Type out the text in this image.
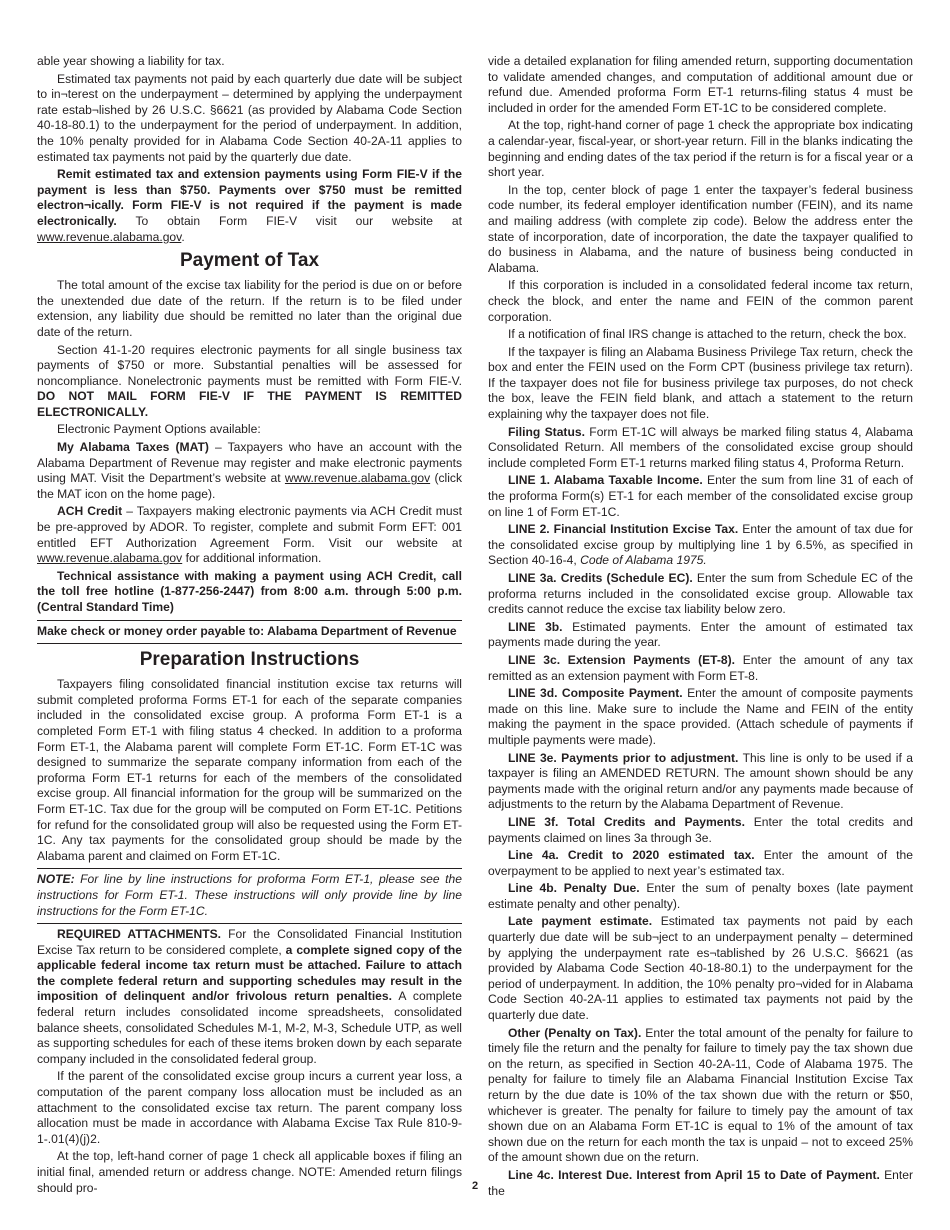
able year showing a liability for tax.

Estimated tax payments not paid by each quarterly due date will be subject to in¬terest on the underpayment – determined by applying the underpayment rate estab¬lished by 26 U.S.C. §6621 (as provided by Alabama Code Section 40-18-80.1) to the underpayment for the period of underpayment. In addition, the 10% penalty provided for in Alabama Code Section 40-2A-11 applies to estimated tax payments not paid by the quarterly due date.

Remit estimated tax and extension payments using Form FIE-V if the payment is less than $750. Payments over $750 must be remitted electron¬ically. Form FIE-V is not required if the payment is made electronically. To obtain Form FIE-V visit our website at www.revenue.alabama.gov.

Payment of Tax

The total amount of the excise tax liability for the period is due on or before the unextended due date of the return. If the return is to be filed under extension, any liability due should be remitted no later than the original due date of the return.

Section 41-1-20 requires electronic payments for all single business tax payments of $750 or more. Substantial penalties will be assessed for noncompliance. Nonelectronic payments must be remitted with Form FIE-V. DO NOT MAIL FORM FIE-V IF THE PAYMENT IS REMITTED ELECTRONICALLY.

Electronic Payment Options available:

My Alabama Taxes (MAT) – Taxpayers who have an account with the Alabama Department of Revenue may register and make electronic payments using MAT. Visit the Department’s website at www.revenue.alabama.gov (click the MAT icon on the home page).

ACH Credit – Taxpayers making electronic payments via ACH Credit must be pre-approved by ADOR. To register, complete and submit Form EFT: 001 entitled EFT Authorization Agreement Form. Visit our website at www.revenue.alabama.gov for additional information.

Technical assistance with making a payment using ACH Credit, call the toll free hotline (1-877-256-2447) from 8:00 a.m. through 5:00 p.m. (Central Standard Time)

Make check or money order payable to: Alabama Department of Revenue

Preparation Instructions

Taxpayers filing consolidated financial institution excise tax returns will submit completed proforma Forms ET-1 for each of the separate companies included in the consolidated excise group. A proforma Form ET-1 is a completed Form ET-1 with filing status 4 checked. In addition to a proforma Form ET-1, the Alabama parent will complete Form ET-1C. Form ET-1C was designed to summarize the separate company information from each of the proforma Form ET-1 returns for each of the members of the consolidated excise group. All financial information for the group will be summarized on the Form ET-1C. Tax due for the group will be computed on Form ET-1C. Petitions for refund for the consolidated group will also be requested using the Form ET-1C. Any tax payments for the consolidated group should be made by the Alabama parent and claimed on Form ET-1C.

NOTE: For line by line instructions for proforma Form ET-1, please see the instructions for Form ET-1. These instructions will only provide line by line instructions for the Form ET-1C.

REQUIRED ATTACHMENTS. For the Consolidated Financial Institution Excise Tax return to be considered complete, a complete signed copy of the applicable federal income tax return must be attached. Failure to attach the complete federal return and supporting schedules may result in the imposition of delinquent and/or frivolous return penalties. A complete federal return includes consolidated income spreadsheets, consolidated balance sheets, consolidated Schedules M-1, M-2, M-3, Schedule UTP, as well as supporting schedules for each of these items broken down by each separate company included in the consolidated federal group.

If the parent of the consolidated excise group incurs a current year loss, a computation of the parent company loss allocation must be included as an attachment to the consolidated excise tax return. The parent company loss allocation must be made in accordance with Alabama Excise Tax Rule 810-9-1-.01(4)(j)2.

At the top, left-hand corner of page 1 check all applicable boxes if filing an initial final, amended return or address change. NOTE: Amended return filings should pro-

vide a detailed explanation for filing amended return, supporting documentation to validate amended changes, and computation of additional amount due or refund due. Amended proforma Form ET-1 returns-filing status 4 must be included in order for the amended Form ET-1C to be considered complete.

At the top, right-hand corner of page 1 check the appropriate box indicating a calendar-year, fiscal-year, or short-year return. Fill in the blanks indicating the beginning and ending dates of the tax period if the return is for a fiscal year or a short year.

In the top, center block of page 1 enter the taxpayer’s federal business code number, its federal employer identification number (FEIN), and its name and mailing address (with complete zip code). Below the address enter the state of incorporation, date of incorporation, the date the taxpayer qualified to do business in Alabama, and the nature of business being conducted in Alabama.

If this corporation is included in a consolidated federal income tax return, check the block, and enter the name and FEIN of the common parent corporation.

If a notification of final IRS change is attached to the return, check the box.

If the taxpayer is filing an Alabama Business Privilege Tax return, check the box and enter the FEIN used on the Form CPT (business privilege tax return). If the taxpayer does not file for business privilege tax purposes, do not check the box, leave the FEIN field blank, and attach a statement to the return explaining why the taxpayer does not file.

Filing Status. Form ET-1C will always be marked filing status 4, Alabama Consolidated Return. All members of the consolidated excise group should include completed Form ET-1 returns marked filing status 4, Proforma Return.

LINE 1. Alabama Taxable Income. Enter the sum from line 31 of each of the proforma Form(s) ET-1 for each member of the consolidated excise group on line 1 of Form ET-1C.

LINE 2. Financial Institution Excise Tax. Enter the amount of tax due for the consolidated excise group by multiplying line 1 by 6.5%, as specified in Section 40-16-4, Code of Alabama 1975.

LINE 3a. Credits (Schedule EC). Enter the sum from Schedule EC of the proforma returns included in the consolidated excise group. Allowable tax credits cannot reduce the excise tax liability below zero.

LINE 3b. Estimated payments. Enter the amount of estimated tax payments made during the year.

LINE 3c. Extension Payments (ET-8). Enter the amount of any tax remitted as an extension payment with Form ET-8.

LINE 3d. Composite Payment. Enter the amount of composite payments made on this line. Make sure to include the Name and FEIN of the entity making the payment in the space provided. (Attach schedule of payments if multiple payments were made).

LINE 3e. Payments prior to adjustment. This line is only to be used if a taxpayer is filing an AMENDED RETURN. The amount shown should be any payments made with the original return and/or any payments made because of adjustments to the return by the Alabama Department of Revenue.

LINE 3f. Total Credits and Payments. Enter the total credits and payments claimed on lines 3a through 3e.

Line 4a. Credit to 2020 estimated tax. Enter the amount of the overpayment to be applied to next year’s estimated tax.

Line 4b. Penalty Due. Enter the sum of penalty boxes (late payment estimate penalty and other penalty).

Late payment estimate. Estimated tax payments not paid by each quarterly due date will be sub¬ject to an underpayment penalty – determined by applying the underpayment rate es¬tablished by 26 U.S.C. §6621 (as provided by Alabama Code Section 40-18-80.1) to the underpayment for the period of underpayment. In addition, the 10% penalty pro¬vided for in Alabama Code Section 40-2A-11 applies to estimated tax payments not paid by the quarterly due date.

Other (Penalty on Tax). Enter the total amount of the penalty for failure to timely file the return and the penalty for failure to timely pay the tax shown due on the return, as specified in Section 40-2A-11, Code of Alabama 1975. The penalty for failure to timely file an Alabama Financial Institution Excise Tax return by the due date is 10% of the tax shown due with the return or $50, whichever is greater. The penalty for failure to timely pay the amount of tax shown due on an Alabama Form ET-1C is equal to 1% of the amount of tax shown due on the return for each month the tax is unpaid – not to exceed 25% of the amount shown due on the return.

Line 4c. Interest Due. Interest from April 15 to Date of Payment. Enter the

2
